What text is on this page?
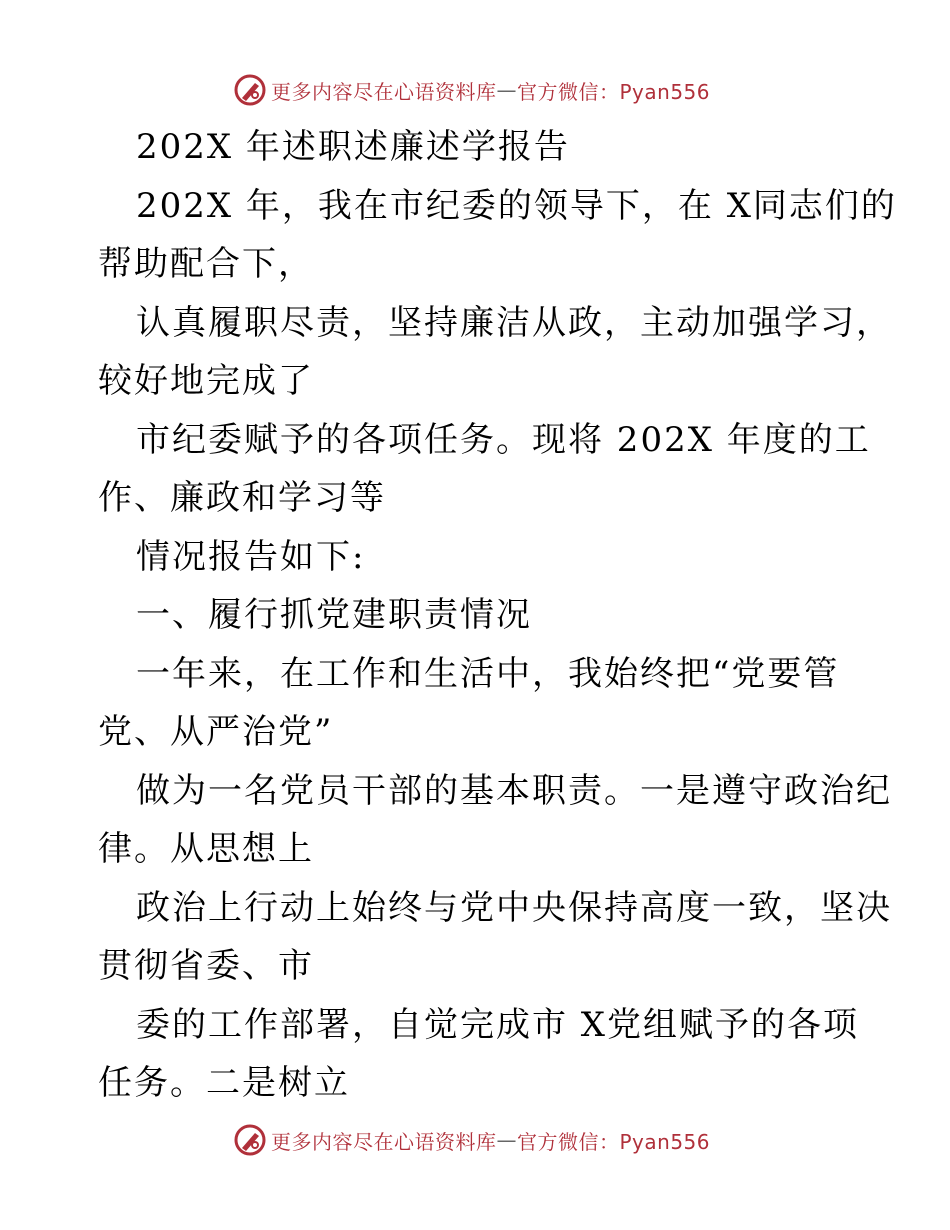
更多内容尽在心语资料库 — 官方微信：Pyan556
202X 年述职述廉述学报告
202X 年，我在市纪委的领导下，在 X同志们的
帮助配合下，
认真履职尽责，坚持廉洁从政，主动加强学习，
较好地完成了
市纪委赋予的各项任务。现将 202X 年度的工
作、廉政和学习等
情况报告如下:
一、履行抓党建职责情况
一年来，在工作和生活中，我始终把“党要管
党、从严治党”
做为一名党员干部的基本职责。一是遵守政治纪
律。从思想上
政治上行动上始终与党中央保持高度一致，坚决
贯彻省委、市
委的工作部署，自觉完成市 X党组赋予的各项
任务。二是树立
更多内容尽在心语资料库 — 官方微信：Pyan556
